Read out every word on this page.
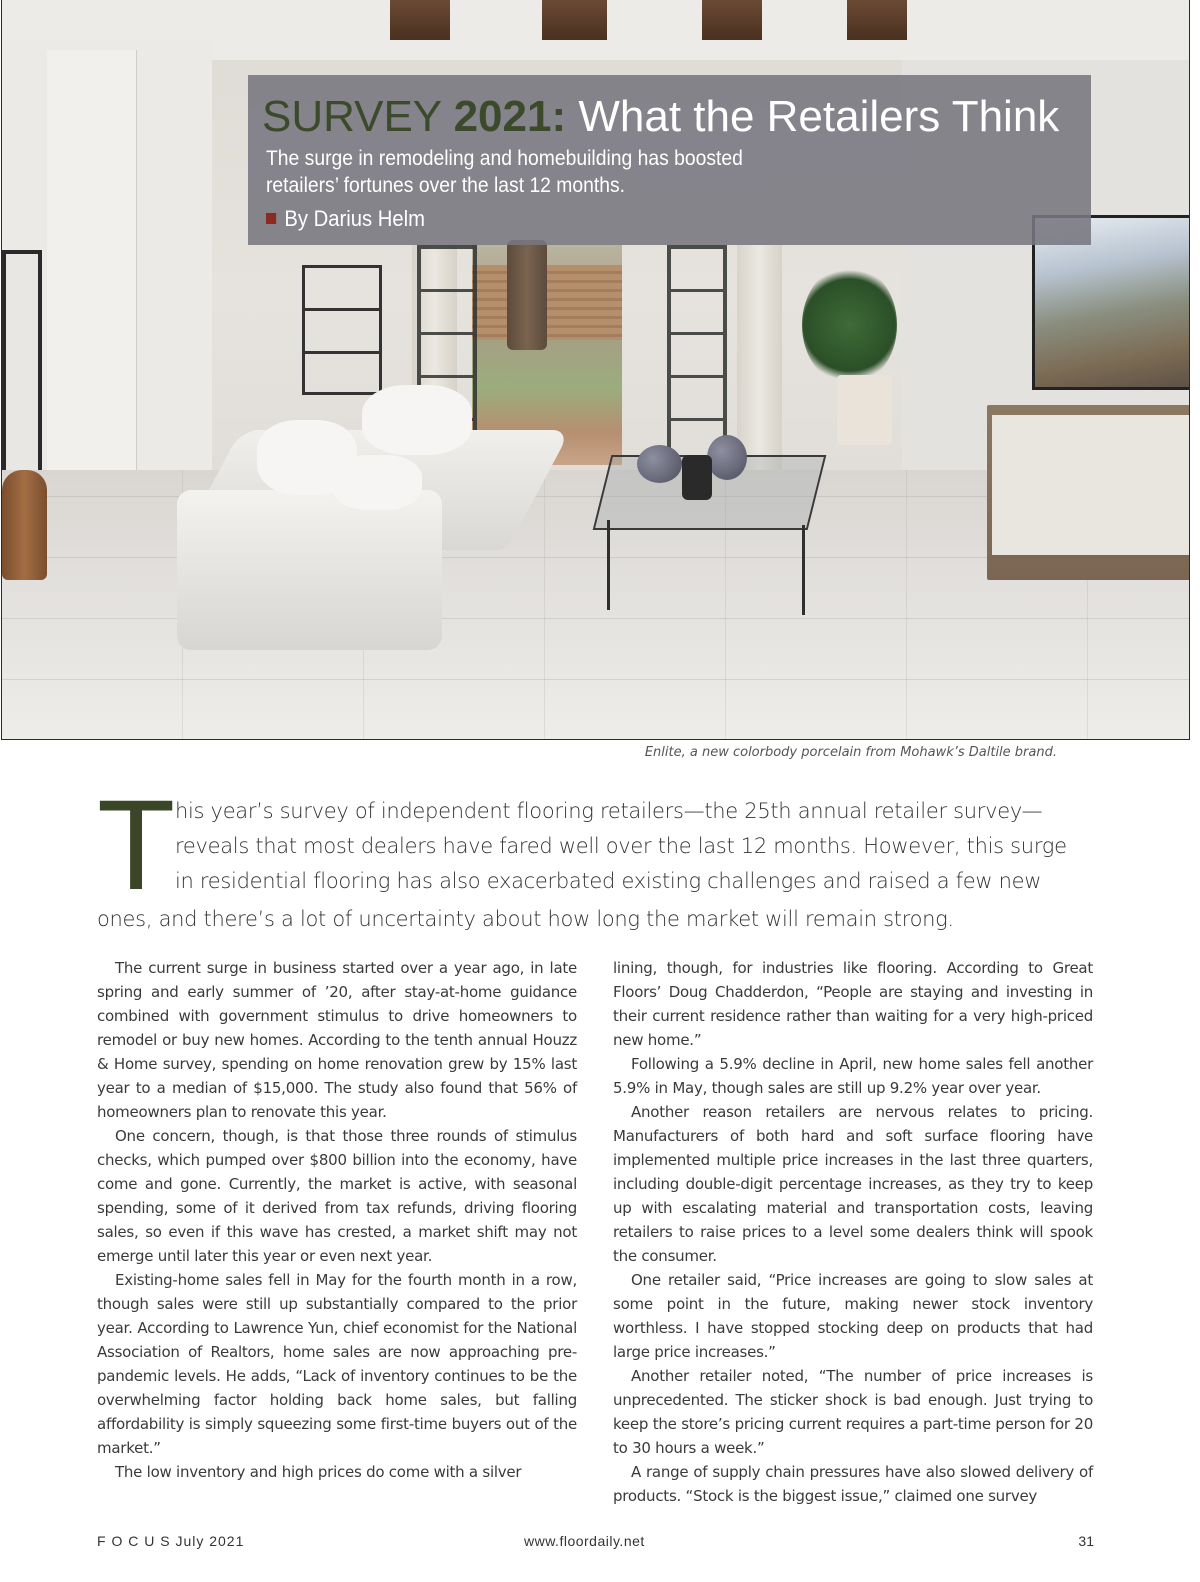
SURVEY 2021: What the Retailers Think
The surge in remodeling and homebuilding has boosted retailers’ fortunes over the last 12 months.
By Darius Helm
Enlite, a new colorbody porcelain from Mohawk’s Daltile brand.
T his year’s survey of independent flooring retailers—the 25th annual retailer survey—
reveals that most dealers have fared well over the last 12 months. However, this surge
in residential flooring has also exacerbated existing challenges and raised a few new
ones, and there’s a lot of uncertainty about how long the market will remain strong.

The current surge in business started over a year ago, in late spring and early summer of ’20, after stay-at-home guidance combined with government stimulus to drive homeowners to remodel or buy new homes. According to the tenth annual Houzz & Home survey, spending on home renovation grew by 15% last year to a median of $15,000. The study also found that 56% of homeowners plan to renovate this year.

One concern, though, is that those three rounds of stimulus checks, which pumped over $800 billion into the economy, have come and gone. Currently, the market is active, with seasonal spending, some of it derived from tax refunds, driving flooring sales, so even if this wave has crested, a market shift may not emerge until later this year or even next year.

Existing-home sales fell in May for the fourth month in a row, though sales were still up substantially compared to the prior year. According to Lawrence Yun, chief economist for the National Association of Realtors, home sales are now approaching pre-pandemic levels. He adds, “Lack of inventory continues to be the overwhelming factor holding back home sales, but falling affordability is simply squeezing some first-time buyers out of the market.”

The low inventory and high prices do come with a silver

lining, though, for industries like flooring. According to Great Floors’ Doug Chadderdon, “People are staying and investing in their current residence rather than waiting for a very high-priced new home.”

Following a 5.9% decline in April, new home sales fell another 5.9% in May, though sales are still up 9.2% year over year.

Another reason retailers are nervous relates to pricing. Manufacturers of both hard and soft surface flooring have implemented multiple price increases in the last three quarters, including double-digit percentage increases, as they try to keep up with escalating material and transportation costs, leaving retailers to raise prices to a level some dealers think will spook the consumer.

One retailer said, “Price increases are going to slow sales at some point in the future, making newer stock inventory worthless. I have stopped stocking deep on products that had large price increases.”

Another retailer noted, “The number of price increases is unprecedented. The sticker shock is bad enough. Just trying to keep the store’s pricing current requires a part-time person for 20 to 30 hours a week.”

A range of supply chain pressures have also slowed delivery of products. “Stock is the biggest issue,” claimed one survey

F O C U S July 2021	www.floordaily.net	31
